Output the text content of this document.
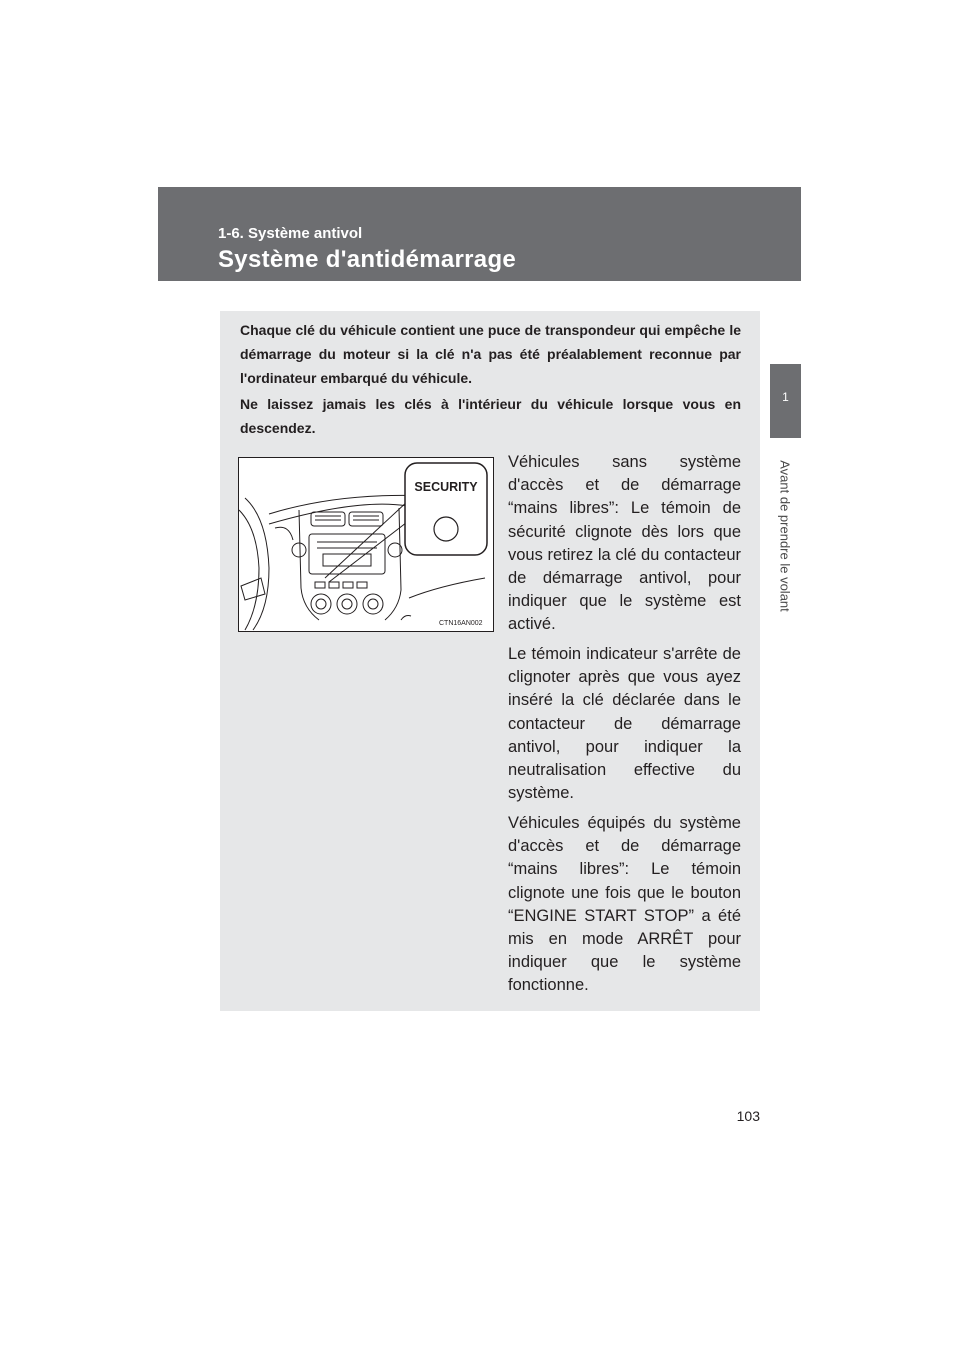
1-6. Système antivol
Système d'antidémarrage
1
Avant de prendre le volant

Chaque clé du véhicule contient une puce de transpondeur qui empêche le démarrage du moteur si la clé n'a pas été préalablement reconnue par l'ordinateur embarqué du véhicule.

Ne laissez jamais les clés à l'intérieur du véhicule lorsque vous en descendez.

SECURITY
CTN16AN002

Véhicules sans système d'accès et de démarrage “mains libres”: Le témoin de sécurité clignote dès lors que vous retirez la clé du contacteur de démarrage antivol, pour indiquer que le système est activé.

Le témoin indicateur s'arrête de clignoter après que vous ayez inséré la clé déclarée dans le contacteur de démarrage antivol, pour indiquer la neutralisation effective du système.

Véhicules équipés du système d'accès et de démarrage “mains libres”: Le témoin clignote une fois que le bouton “ENGINE START STOP” a été mis en mode ARRÊT pour indiquer que le système fonctionne.

103
